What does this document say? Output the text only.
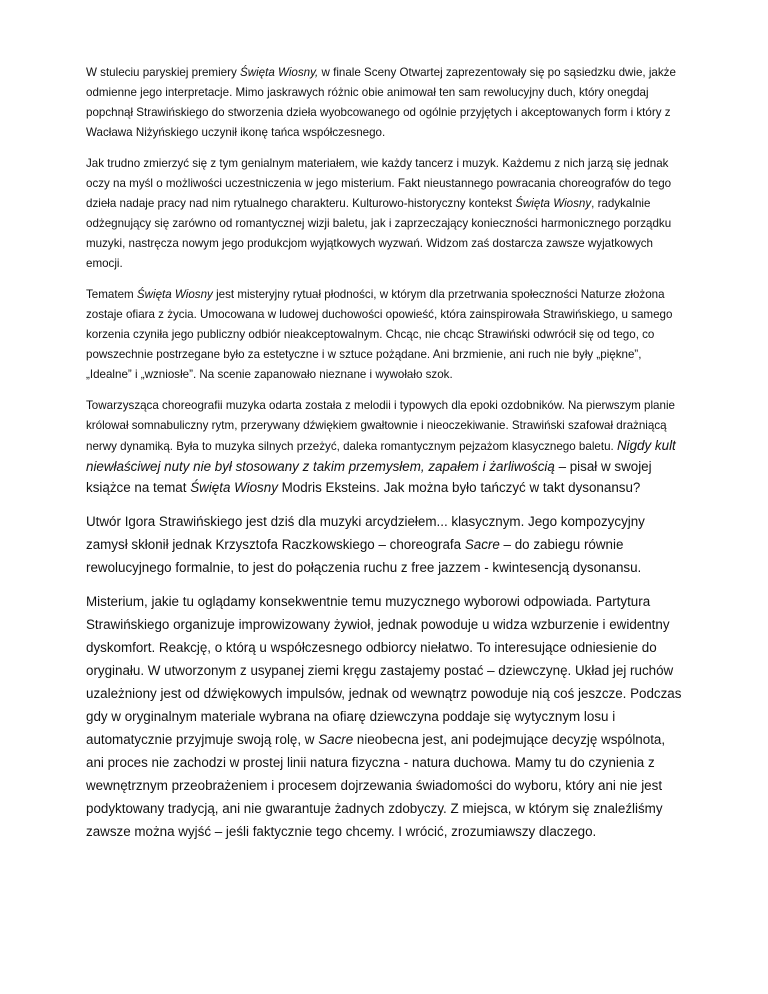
W stuleciu paryskiej premiery Święta Wiosny, w finale Sceny Otwartej zaprezentowały się po sąsiedzku dwie, jakże odmienne jego interpretacje. Mimo jaskrawych różnic obie animował ten sam rewolucyjny duch, który onegdaj popchnął Strawińskiego do stworzenia dzieła wyobcowanego od ogólnie przyjętych i akceptowanych form i który z Wacława Niżyńskiego uczynił ikonę tańca współczesnego.

Jak trudno zmierzyć się z tym genialnym materiałem, wie każdy tancerz i muzyk. Każdemu z nich jarzą się jednak oczy na myśl o możliwości uczestniczenia w jego misterium. Fakt nieustannego powracania choreografów do tego dzieła nadaje pracy nad nim rytualnego charakteru. Kulturowo-historyczny kontekst Święta Wiosny, radykalnie odżegnujący się zarówno od romantycznej wizji baletu, jak i zaprzeczający konieczności harmonicznego porządku muzyki, nastręcza nowym jego produkcjom wyjątkowych wyzwań. Widzom zaś dostarcza zawsze wyjatkowych emocji.

Tematem Święta Wiosny jest misteryjny rytuał płodności, w którym dla przetrwania społeczności Naturze złożona zostaje ofiara z życia. Umocowana w ludowej duchowości opowieść, która zainspirowała Strawińskiego, u samego korzenia czyniła jego publiczny odbiór nieakceptowalnym. Chcąc, nie chcąc Strawiński odwrócił się od tego, co powszechnie postrzegane było za estetyczne i w sztuce pożądane. Ani brzmienie, ani ruch nie były „piękne”, „Idealne” i „wzniosłe”. Na scenie zapanowało nieznane i wywołało szok.

Towarzysząca choreografii muzyka odarta została z melodii i typowych dla epoki ozdobników. Na pierwszym planie królował somnabuliczny rytm, przerywany dźwiękiem gwałtownie i nieoczekiwanie. Strawiński szafował drażniącą nerwy dynamiką. Była to muzyka silnych przeżyć, daleka romantycznym pejzażom klasycznego baletu. Nigdy kult niewłaściwej nuty nie był stosowany z takim przemysłem, zapałem i żarliwością – pisał w swojej książce na temat Święta Wiosny Modris Eksteins. Jak można było tańczyć w takt dysonansu?

Utwór Igora Strawińskiego jest dziś dla muzyki arcydziełem... klasycznym. Jego kompozycyjny zamysł skłonił jednak Krzysztofa Raczkowskiego – choreografa Sacre – do zabiegu równie rewolucyjnego formalnie, to jest do połączenia ruchu z free jazzem - kwintesencją dysonansu.

Misterium, jakie tu oglądamy konsekwentnie temu muzycznego wyborowi odpowiada. Partytura Strawińskiego organizuje improwizowany żywioł, jednak powoduje u widza wzburzenie i ewidentny dyskomfort. Reakcję, o którą u współczesnego odbiorcy niełatwo. To interesujące odniesienie do oryginału. W utworzonym z usypanej ziemi kręgu zastajemy postać – dziewczynę. Układ jej ruchów uzależniony jest od dźwiękowych impulsów, jednak od wewnątrz powoduje nią coś jeszcze. Podczas gdy w oryginalnym materiale wybrana na ofiarę dziewczyna poddaje się wytycznym losu i automatycznie przyjmuje swoją rolę, w Sacre nieobecna jest, ani podejmujące decyzję wspólnota, ani proces nie zachodzi w prostej linii natura fizyczna - natura duchowa. Mamy tu do czynienia z wewnętrznym przeobrażeniem i procesem dojrzewania świadomości do wyboru, który ani nie jest podyktowany tradycją, ani nie gwarantuje żadnych zdobyczy. Z miejsca, w którym się znaleźliśmy zawsze można wyjść – jeśli faktycznie tego chcemy. I wrócić, zrozumiawszy dlaczego.
